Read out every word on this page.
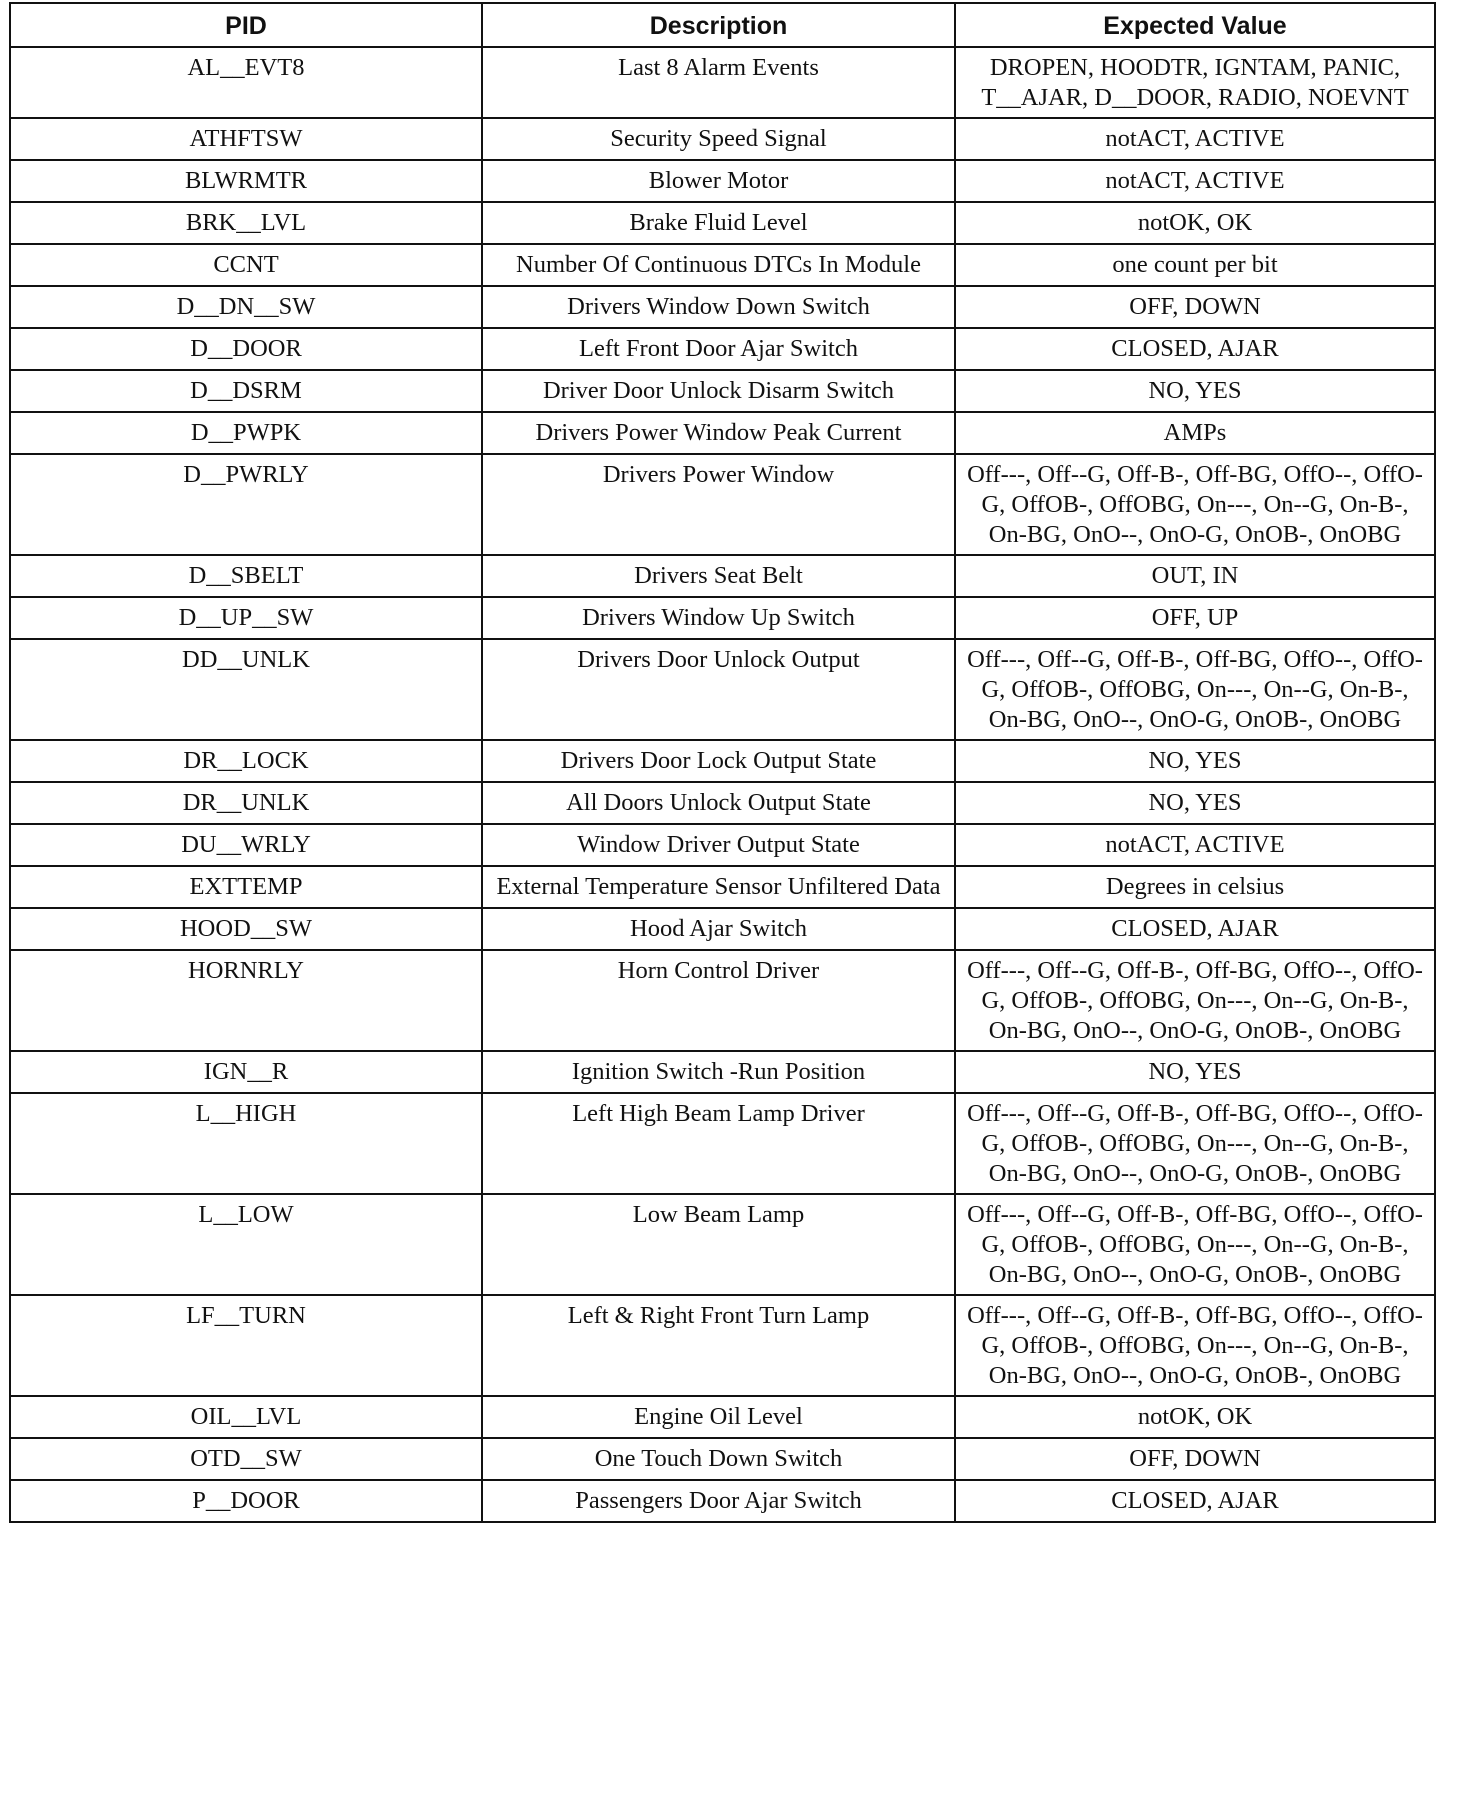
PID	Description	Expected Value
AL__EVT8	Last 8 Alarm Events	DROPEN, HOODTR, IGNTAM, PANIC, T__AJAR, D__DOOR, RADIO, NOEVNT
ATHFTSW	Security Speed Signal	notACT, ACTIVE
BLWRMTR	Blower Motor	notACT, ACTIVE
BRK__LVL	Brake Fluid Level	notOK, OK
CCNT	Number Of Continuous DTCs In Module	one count per bit
D__DN__SW	Drivers Window Down Switch	OFF, DOWN
D__DOOR	Left Front Door Ajar Switch	CLOSED, AJAR
D__DSRM	Driver Door Unlock Disarm Switch	NO, YES
D__PWPK	Drivers Power Window Peak Current	AMPs
D__PWRLY	Drivers Power Window	Off---, Off--G, Off-B-, Off-BG, OffO--, OffO-G, OffOB-, OffOBG, On---, On--G, On-B-, On-BG, OnO--, OnO-G, OnOB-, OnOBG
D__SBELT	Drivers Seat Belt	OUT, IN
D__UP__SW	Drivers Window Up Switch	OFF, UP
DD__UNLK	Drivers Door Unlock Output	Off---, Off--G, Off-B-, Off-BG, OffO--, OffO-G, OffOB-, OffOBG, On---, On--G, On-B-, On-BG, OnO--, OnO-G, OnOB-, OnOBG
DR__LOCK	Drivers Door Lock Output State	NO, YES
DR__UNLK	All Doors Unlock Output State	NO, YES
DU__WRLY	Window Driver Output State	notACT, ACTIVE
EXTTEMP	External Temperature Sensor Unfiltered Data	Degrees in celsius
HOOD__SW	Hood Ajar Switch	CLOSED, AJAR
HORNRLY	Horn Control Driver	Off---, Off--G, Off-B-, Off-BG, OffO--, OffO-G, OffOB-, OffOBG, On---, On--G, On-B-, On-BG, OnO--, OnO-G, OnOB-, OnOBG
IGN__R	Ignition Switch -Run Position	NO, YES
L__HIGH	Left High Beam Lamp Driver	Off---, Off--G, Off-B-, Off-BG, OffO--, OffO-G, OffOB-, OffOBG, On---, On--G, On-B-, On-BG, OnO--, OnO-G, OnOB-, OnOBG
L__LOW	Low Beam Lamp	Off---, Off--G, Off-B-, Off-BG, OffO--, OffO-G, OffOB-, OffOBG, On---, On--G, On-B-, On-BG, OnO--, OnO-G, OnOB-, OnOBG
LF__TURN	Left & Right Front Turn Lamp	Off---, Off--G, Off-B-, Off-BG, OffO--, OffO-G, OffOB-, OffOBG, On---, On--G, On-B-, On-BG, OnO--, OnO-G, OnOB-, OnOBG
OIL__LVL	Engine Oil Level	notOK, OK
OTD__SW	One Touch Down Switch	OFF, DOWN
P__DOOR	Passengers Door Ajar Switch	CLOSED, AJAR
